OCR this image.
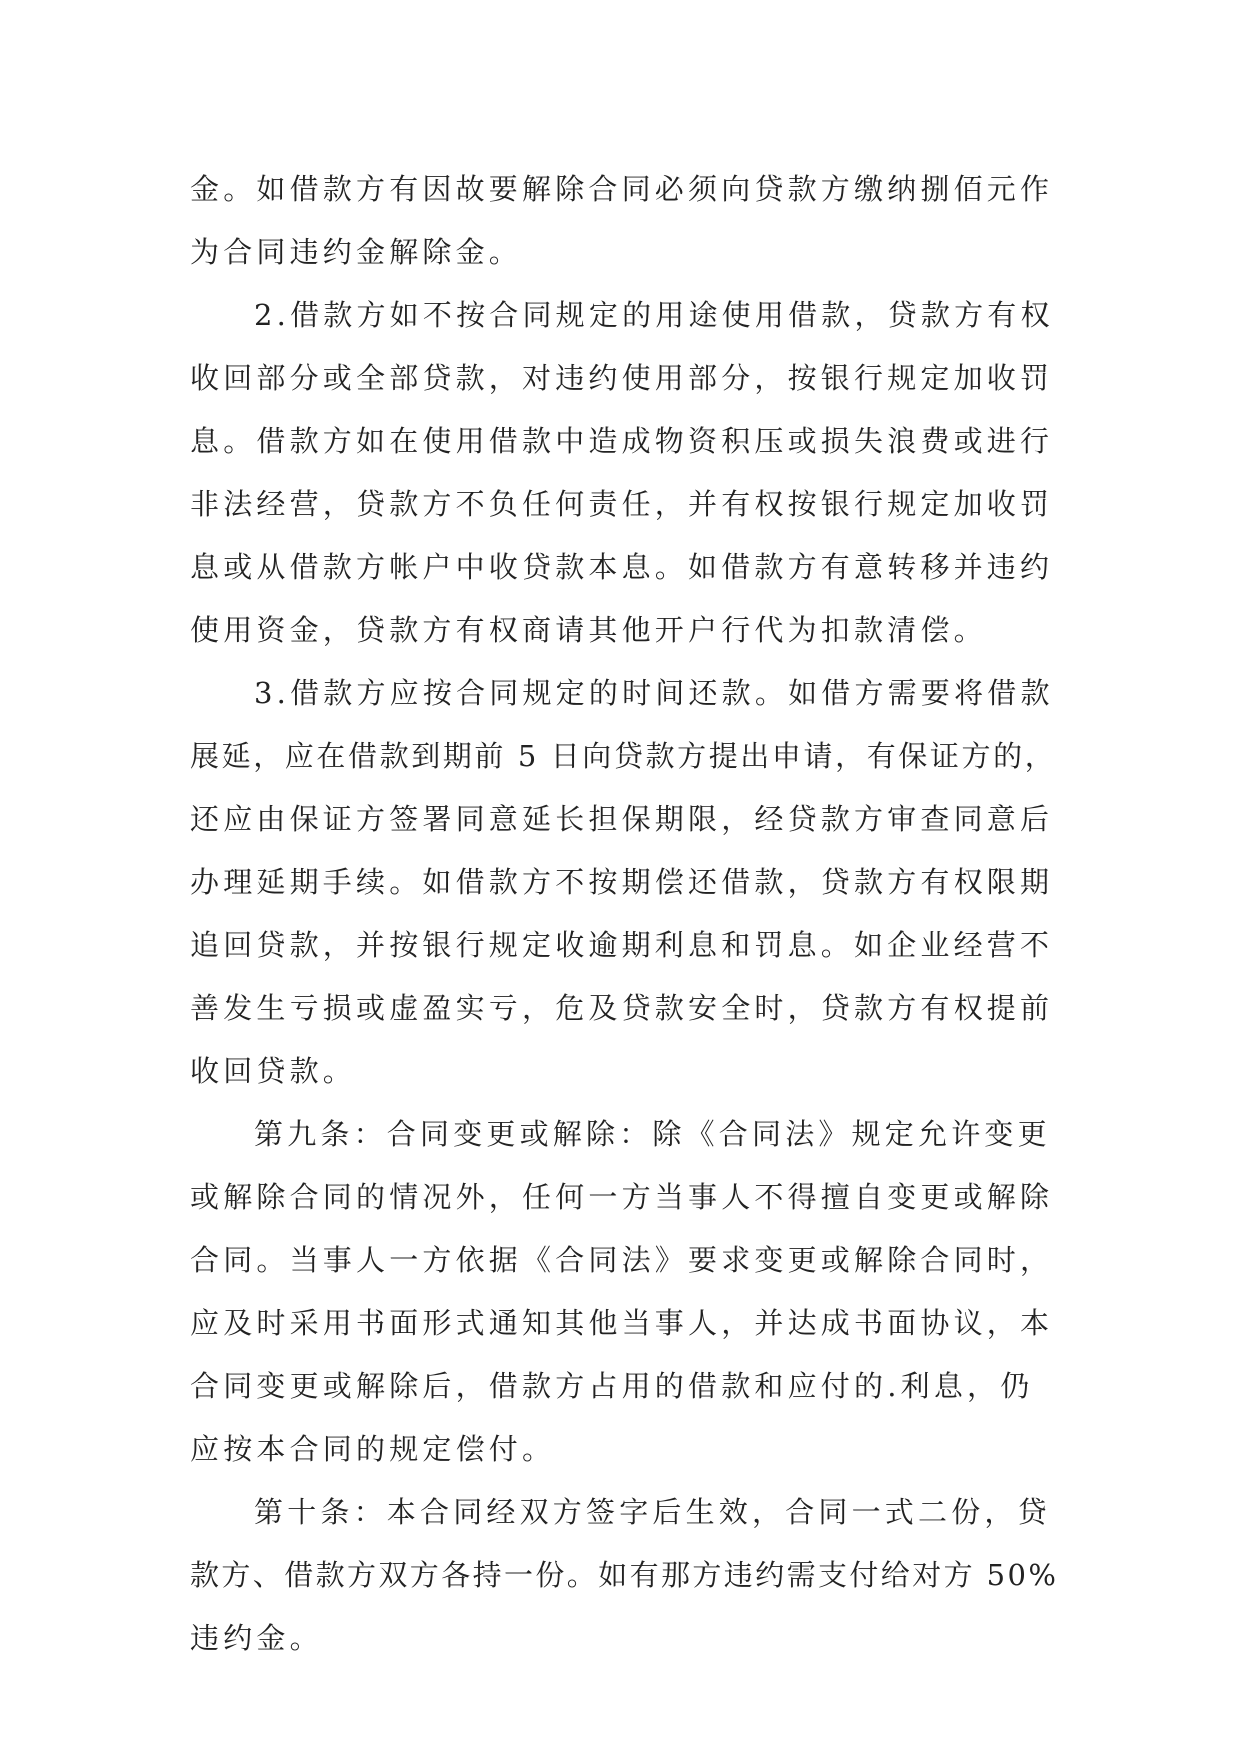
金。如借款方有因故要解除合同必须向贷款方缴纳捌佰元作
为合同违约金解除金。
2.借款方如不按合同规定的用途使用借款，贷款方有权
收回部分或全部贷款，对违约使用部分，按银行规定加收罚
息。借款方如在使用借款中造成物资积压或损失浪费或进行
非法经营，贷款方不负任何责任，并有权按银行规定加收罚
息或从借款方帐户中收贷款本息。如借款方有意转移并违约
使用资金，贷款方有权商请其他开户行代为扣款清偿。
3.借款方应按合同规定的时间还款。如借方需要将借款
展延，应在借款到期前 5 日向贷款方提出申请，有保证方的，
还应由保证方签署同意延长担保期限，经贷款方审查同意后
办理延期手续。如借款方不按期偿还借款，贷款方有权限期
追回贷款，并按银行规定收逾期利息和罚息。如企业经营不
善发生亏损或虚盈实亏，危及贷款安全时，贷款方有权提前
收回贷款。
第九条：合同变更或解除：除《合同法》规定允许变更
或解除合同的情况外，任何一方当事人不得擅自变更或解除
合同。当事人一方依据《合同法》要求变更或解除合同时，
应及时采用书面形式通知其他当事人，并达成书面协议，本
合同变更或解除后，借款方占用的借款和应付的.利息，仍
应按本合同的规定偿付。
第十条：本合同经双方签字后生效，合同一式二份，贷
款方、借款方双方各持一份。如有那方违约需支付给对方 50%
违约金。
